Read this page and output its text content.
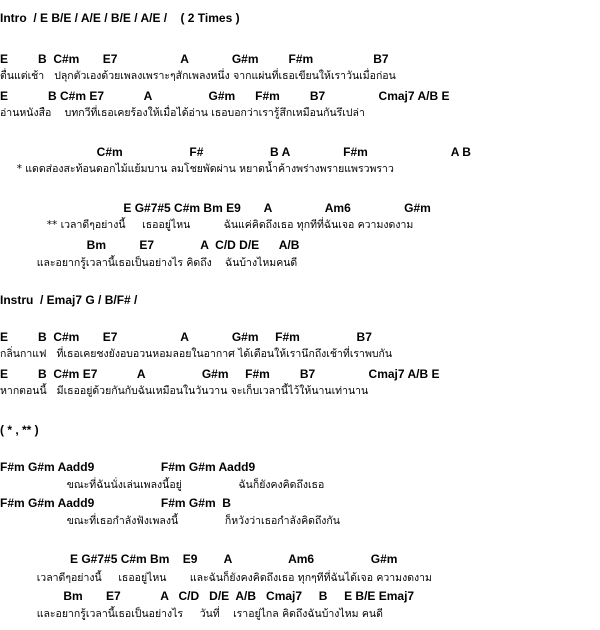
Intro  / E B/E / A/E / B/E / A/E /    ( 2 Times )
E         B  C#m       E7                   A             G#m         F#m                  B7
ตื่นแต่เช้า   ปลุกตัวเองด้วยเพลงเพราะๆสักเพลงหนึ่ง จากแผ่นที่เธอเขียนให้เราวันเมื่อก่อน
E            B C#m E7            A                 G#m      F#m         B7                Cmaj7 A/B E
อ่านหนังสือ    บทกวีที่เธอเคยร้องให้เมื่อได้อ่าน เธอบอกว่าเรารู้สึกเหมือนกันรึเปล่า
C#m                    F#                    B A                F#m                         A B
* แดดส่องสะท้อนดอกไม้แย้มบาน ลมโชยพัดผ่าน หยาดน้ำค้างพร่างพรายแพรวพราว
E G#7#5 C#m Bm E9       A                Am6                G#m
** เวลาดีๆอย่างนี้     เธออยู่ไหน          ฉันแค่คิดถึงเธอ ทุกทีที่ฉันเจอ ความงดงาม
Bm          E7              A  C/D D/E      A/B
และอยากรู้เวลานี้เธอเป็นอย่างไร คิดถึง    ฉันบ้างไหมคนดี
Instru  / Emaj7 G / B/F# /
E         B  C#m       E7                   A             G#m     F#m                 B7
กลิ่นกาแฟ   ที่เธอเคยชงยังอบอวนหอมลอยในอากาศ ได้เตือนให้เรานึกถึงเช้าที่เราพบกัน
E         B  C#m E7            A                 G#m     F#m         B7                Cmaj7 A/B E
หากตอนนี้   มีเธออยู่ด้วยกันกับฉันเหมือนในวันวาน จะเก็บเวลานี้ไว้ให้นานเท่านาน
( * , ** )
F#m G#m Aadd9                    F#m G#m Aadd9
ขณะที่ฉันนั่งเล่นเพลงนี้อยู่                 ฉันก็ยังคงคิดถึงเธอ
F#m G#m Aadd9                    F#m G#m  B
ขณะที่เธอกำลังฟังเพลงนี้              ก็หวังว่าเธอกำลังคิดถึงกัน
E G#7#5 C#m Bm    E9        A                 Am6                 G#m
เวลาดีๆอย่างนี้     เธออยู่ไหน       และฉันก็ยังคงคิดถึงเธอ ทุกๆทีที่ฉันได้เจอ ความงดงาม
Bm       E7            A   C/D   D/E  A/B   Cmaj7     B     E B/E Emaj7
และอยากรู้เวลานี้เธอเป็นอย่างไร     วันที่    เราอยู่ไกล คิดถึงฉันบ้างไหม คนดี
